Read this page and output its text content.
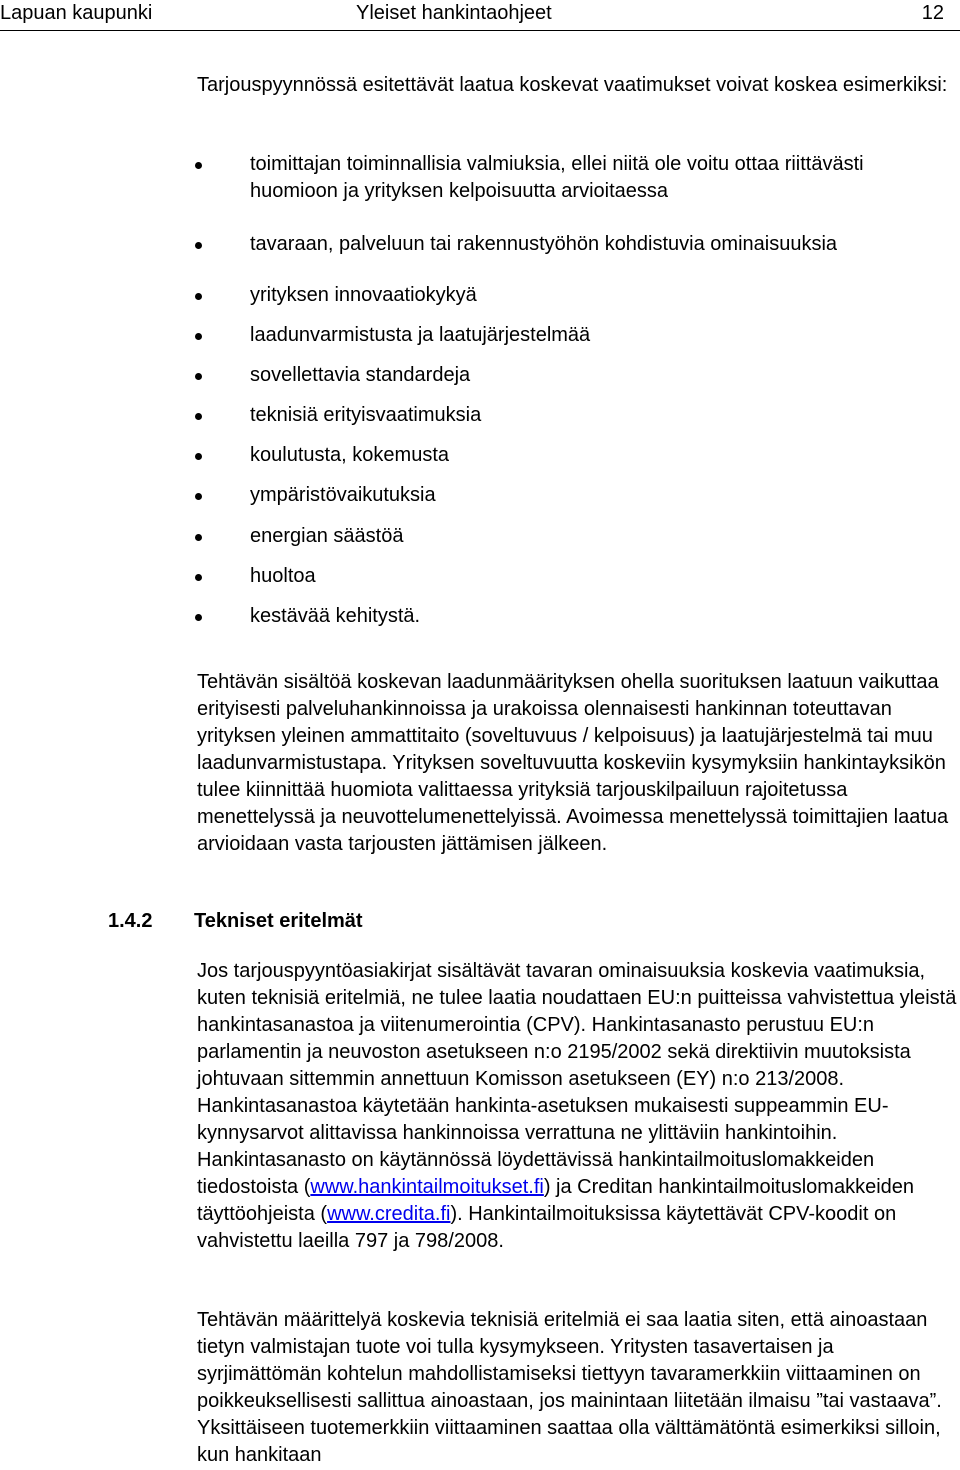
Lapuan kaupunki	Yleiset hankintaohjeet	12

Tarjouspyynnössä esitettävät laatua koskevat vaatimukset voivat koskea esimerkiksi:

toimittajan toiminnallisia valmiuksia, ellei niitä ole voitu ottaa riittävästi huomioon ja yrityksen kelpoisuutta arvioitaessa
tavaraan, palveluun tai rakennustyöhön kohdistuvia ominaisuuksia
yrityksen innovaatiokykyä
laadunvarmistusta ja laatujärjestelmää
sovellettavia standardeja
teknisiä erityisvaatimuksia
koulutusta, kokemusta
ympäristövaikutuksia
energian säästöä
huoltoa
kestävää kehitystä.

Tehtävän sisältöä koskevan laadunmäärityksen ohella suorituksen laatuun vaikuttaa erityisesti palveluhankinnoissa ja urakoissa olennaisesti hankinnan toteuttavan yrityksen yleinen ammattitaito (soveltuvuus / kelpoisuus) ja laatujärjestelmä tai muu laadunvarmistustapa. Yrityksen soveltuvuutta koskeviin kysymyksiin hankintayksikön tulee kiinnittää huomiota valittaessa yrityksiä tarjouskilpailuun rajoitetussa menettelyssä ja neuvottelumenettelyissä. Avoimessa menettelyssä toimittajien laatua arvioidaan vasta tarjousten jättämisen jälkeen.

1.4.2 Tekniset eritelmät

Jos tarjouspyyntöasiakirjat sisältävät tavaran ominaisuuksia koskevia vaatimuksia, kuten teknisiä eritelmiä, ne tulee laatia noudattaen EU:n puitteissa vahvistettua yleistä hankintasanastoa ja viitenumerointia (CPV). Hankintasanasto perustuu EU:n parlamentin ja neuvoston asetukseen n:o 2195/2002 sekä direktiivin muutoksista johtuvaan sittemmin annettuun Komisson asetukseen (EY) n:o 213/2008. Hankintasanastoa käytetään hankinta-asetuksen mukaisesti suppeammin EU-kynnysarvot alittavissa hankinnoissa verrattuna ne ylittäviin hankintoihin. Hankintasanasto on käytännössä löydettävissä hankintailmoituslomakkeiden tiedostoista (www.hankintailmoitukset.fi) ja Creditan hankintailmoituslomakkeiden täyttöohjeista (www.credita.fi). Hankintailmoituksissa käytettävät CPV-koodit on vahvistettu laeilla 797 ja 798/2008.

Tehtävän määrittelyä koskevia teknisiä eritelmiä ei saa laatia siten, että ainoastaan tietyn valmistajan tuote voi tulla kysymykseen. Yritysten tasavertaisen ja syrjimättömän kohtelun mahdollistamiseksi tiettyyn tavaramerkkiin viittaaminen on poikkeuksellisesti sallittua ainoastaan, jos mainintaan liitetään ilmaisu ”tai vastaava”. Yksittäiseen tuotemerkkiin viittaaminen saattaa olla välttämätöntä esimerkiksi silloin, kun hankitaan
